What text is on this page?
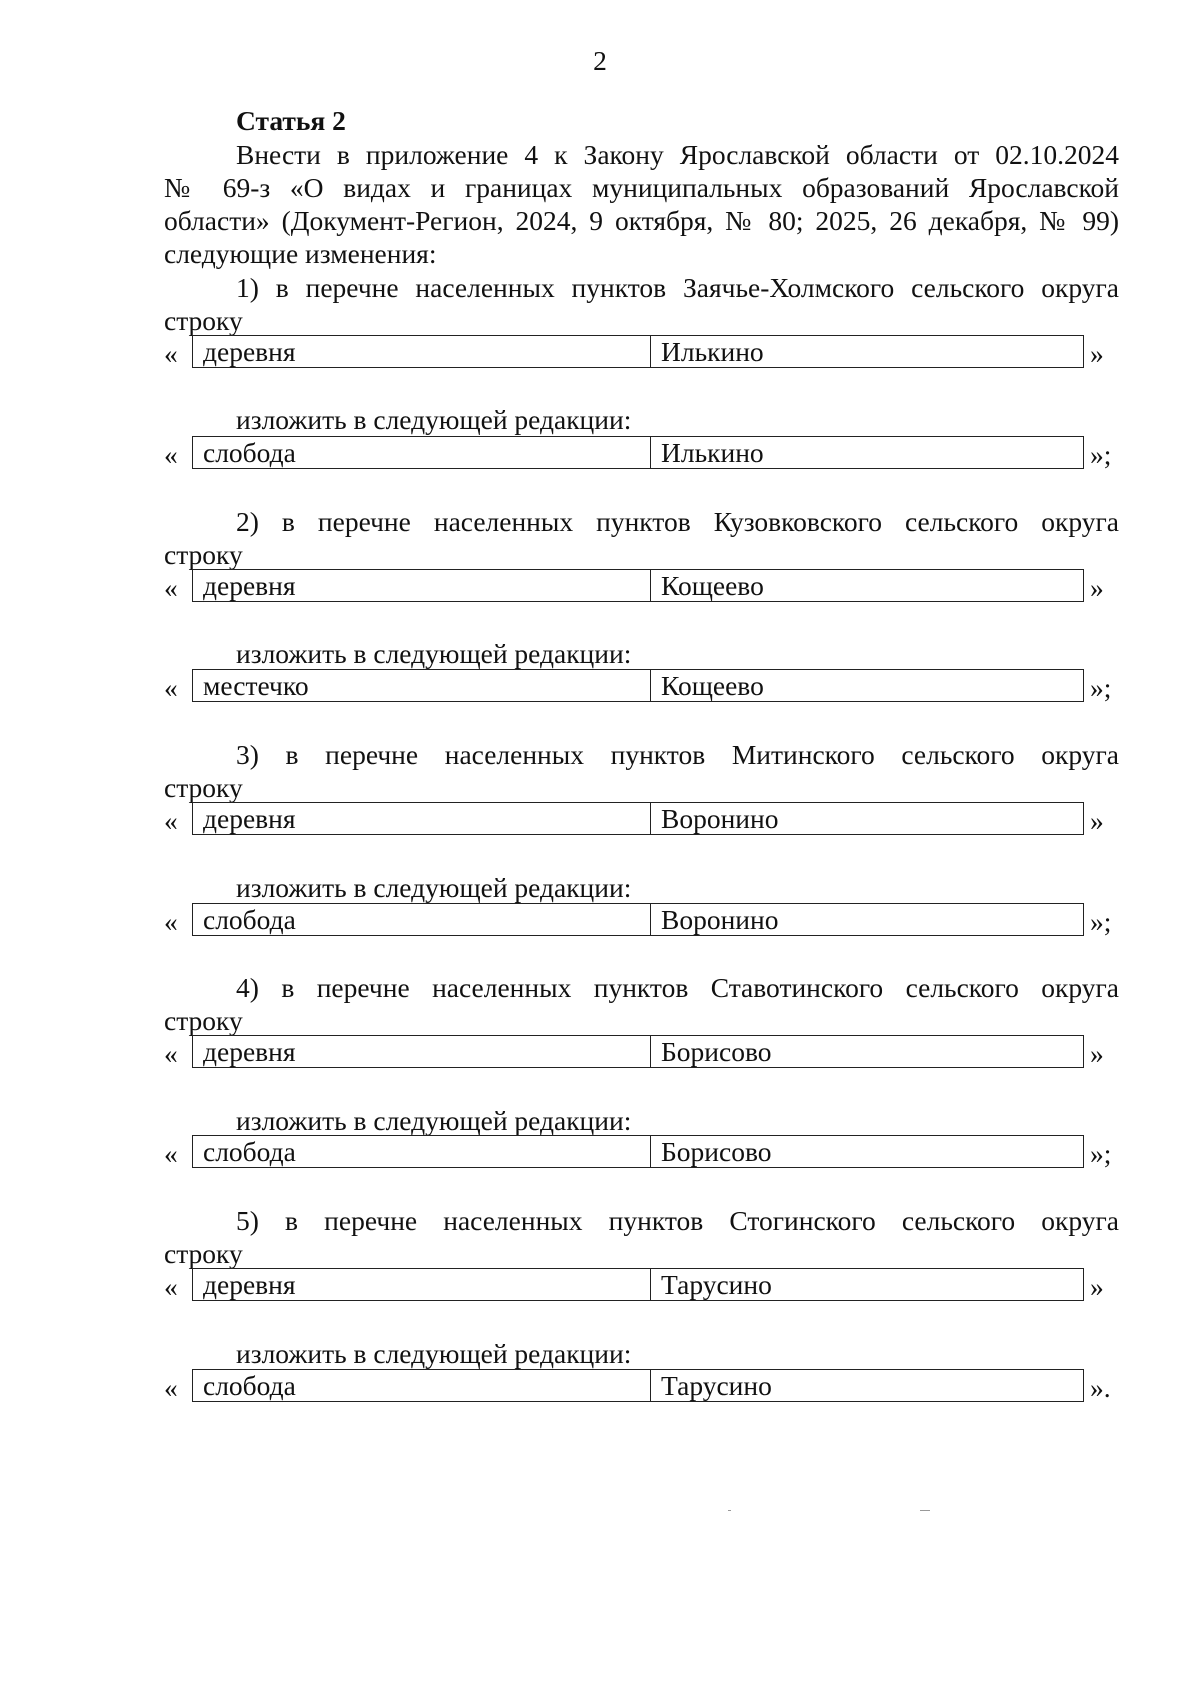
2
Статья 2
Внести в приложение 4 к Закону Ярославской области от 02.10.2024
№ 69-з «О видах и границах муниципальных образований Ярославской
области» (Документ-Регион, 2024, 9 октября, № 80; 2025, 26 декабря, № 99)
следующие изменения:
1) в перечне населенных пунктов Заячье-Холмского сельского округа
строку
« деревня	Илькино	»
изложить в следующей редакции:
« слобода	Илькино	»;
2) в перечне населенных пунктов Кузовковского сельского округа
строку
« деревня	Кощеево	»
изложить в следующей редакции:
« местечко	Кощеево	»;
3) в перечне населенных пунктов Митинского сельского округа
строку
« деревня	Воронино	»
изложить в следующей редакции:
« слобода	Воронино	»;
4) в перечне населенных пунктов Ставотинского сельского округа
строку
« деревня	Борисово	»
изложить в следующей редакции:
« слобода	Борисово	»;
5) в перечне населенных пунктов Стогинского сельского округа
строку
« деревня	Тарусино	»
изложить в следующей редакции:
« слобода	Тарусино	».
